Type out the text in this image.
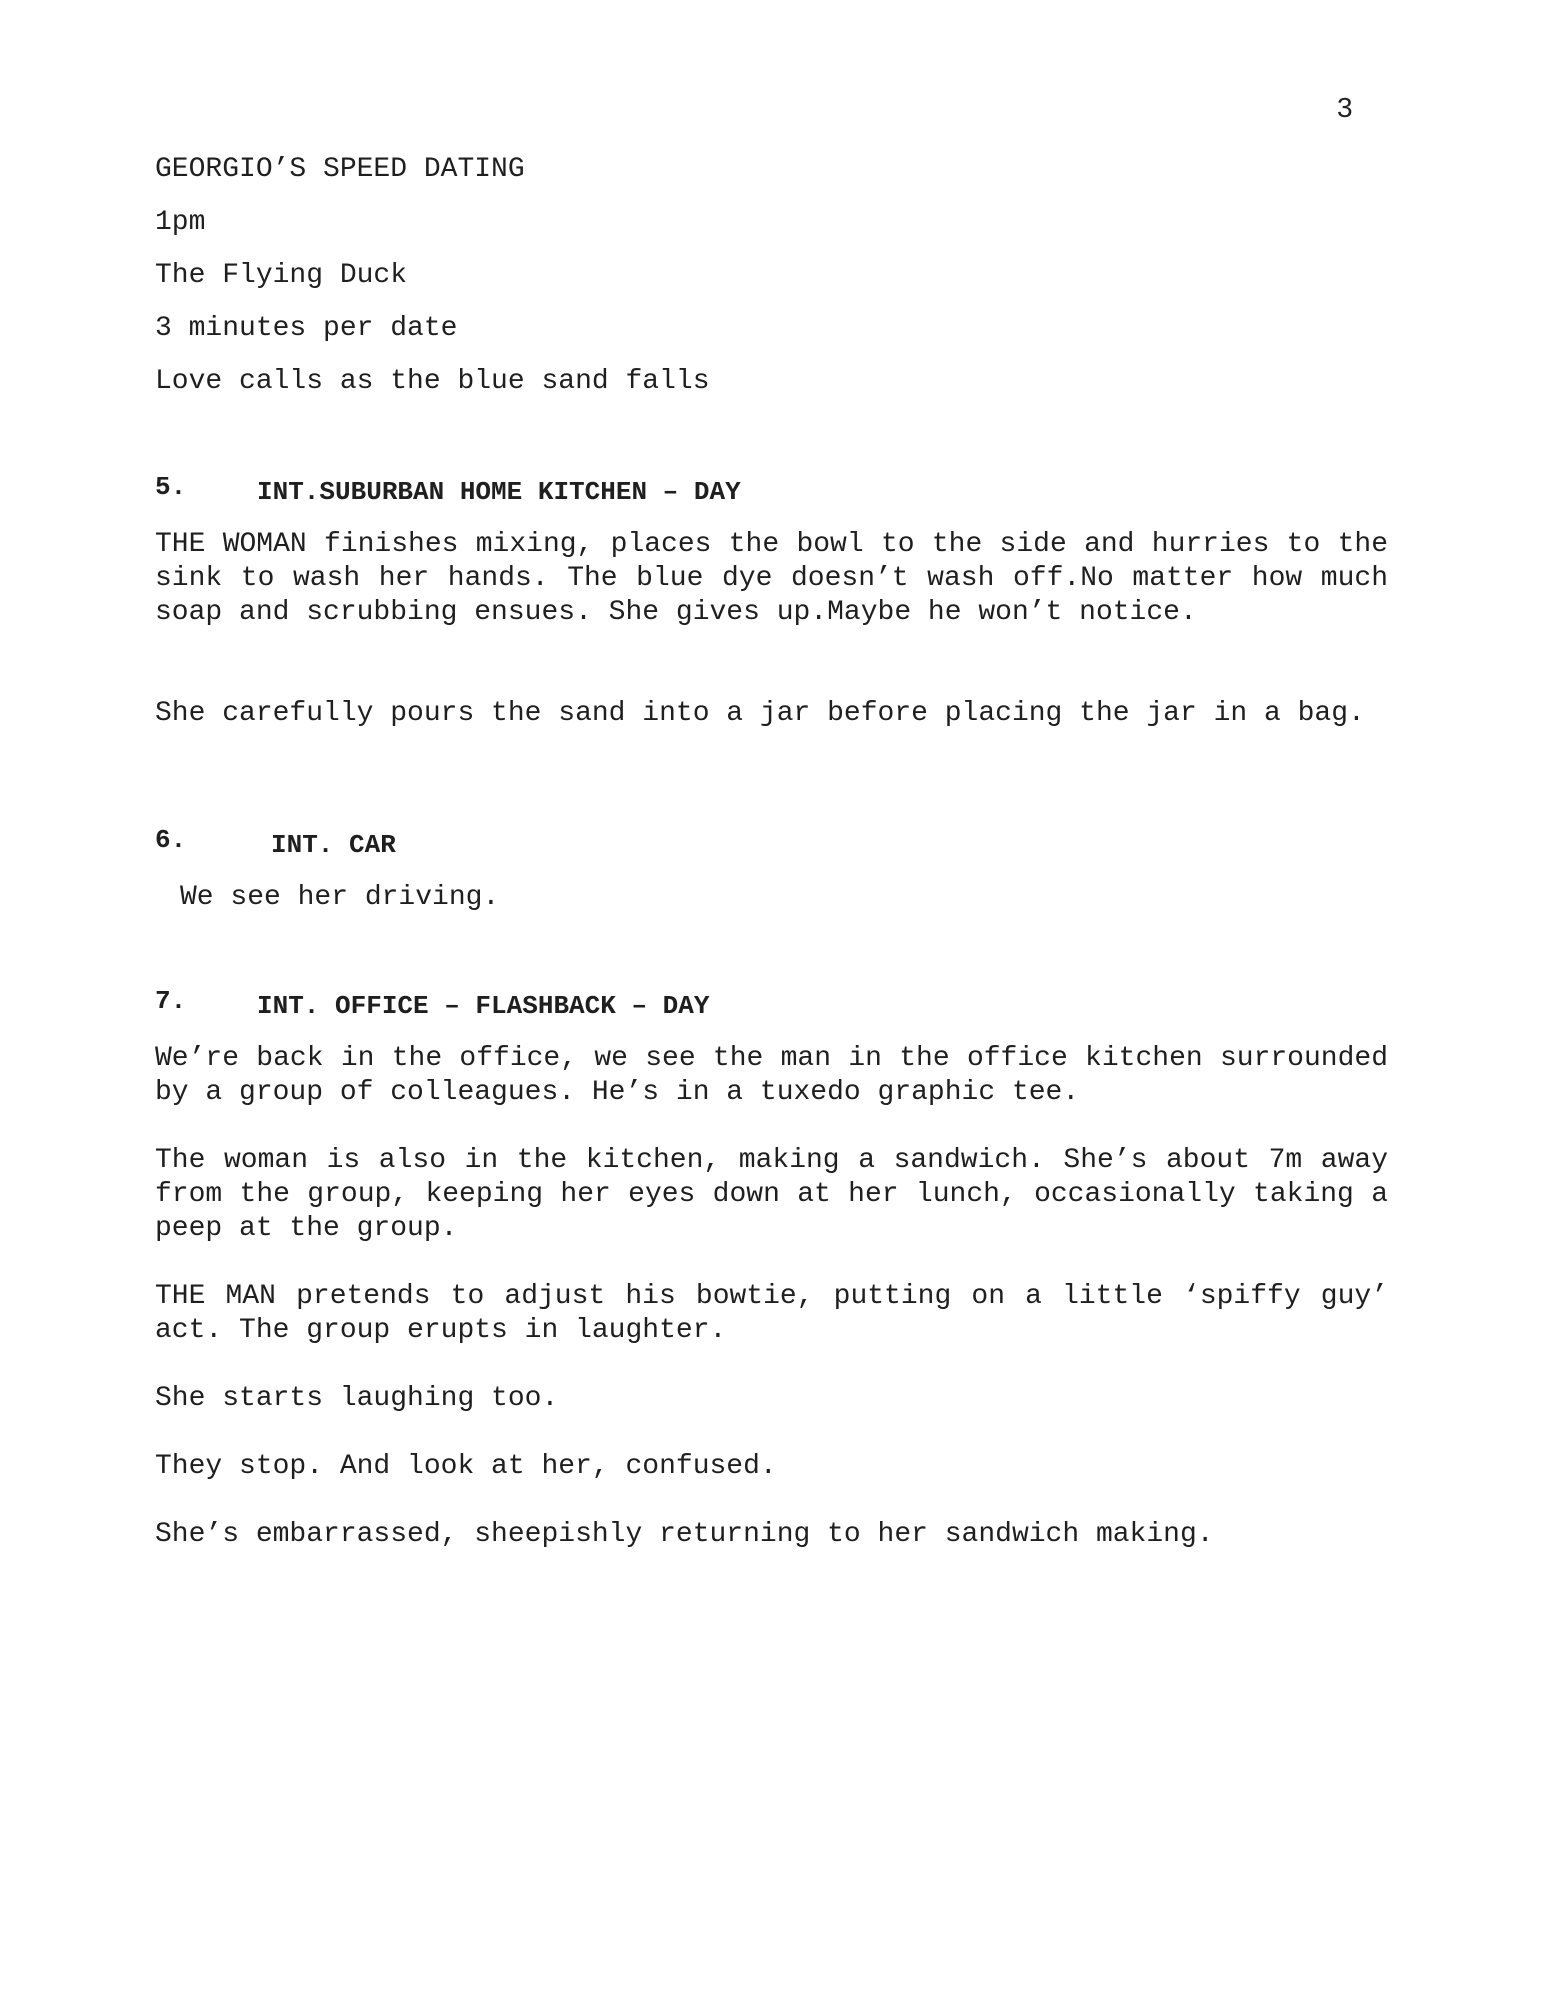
3
GEORGIO’S SPEED DATING
1pm
The Flying Duck
3 minutes per date
Love calls as the blue sand falls
5.	INT.SUBURBAN HOME KITCHEN – DAY
THE WOMAN finishes mixing, places the bowl to the side and hurries to the sink to wash her hands. The blue dye doesn’t wash off.No matter how much soap and scrubbing ensues. She gives up.Maybe he won’t notice.
She carefully pours the sand into a jar before placing the jar in a bag.
6.	INT. CAR
We see her driving.
7.	INT. OFFICE – FLASHBACK – DAY
We’re back in the office, we see the man in the office kitchen surrounded by a group of colleagues. He’s in a tuxedo graphic tee.
The woman is also in the kitchen, making a sandwich. She’s about 7m away from the group, keeping her eyes down at her lunch, occasionally taking a peep at the group.
THE MAN pretends to adjust his bowtie, putting on a little ‘spiffy guy’ act. The group erupts in laughter.
She starts laughing too.
They stop. And look at her, confused.
She’s embarrassed, sheepishly returning to her sandwich making.
